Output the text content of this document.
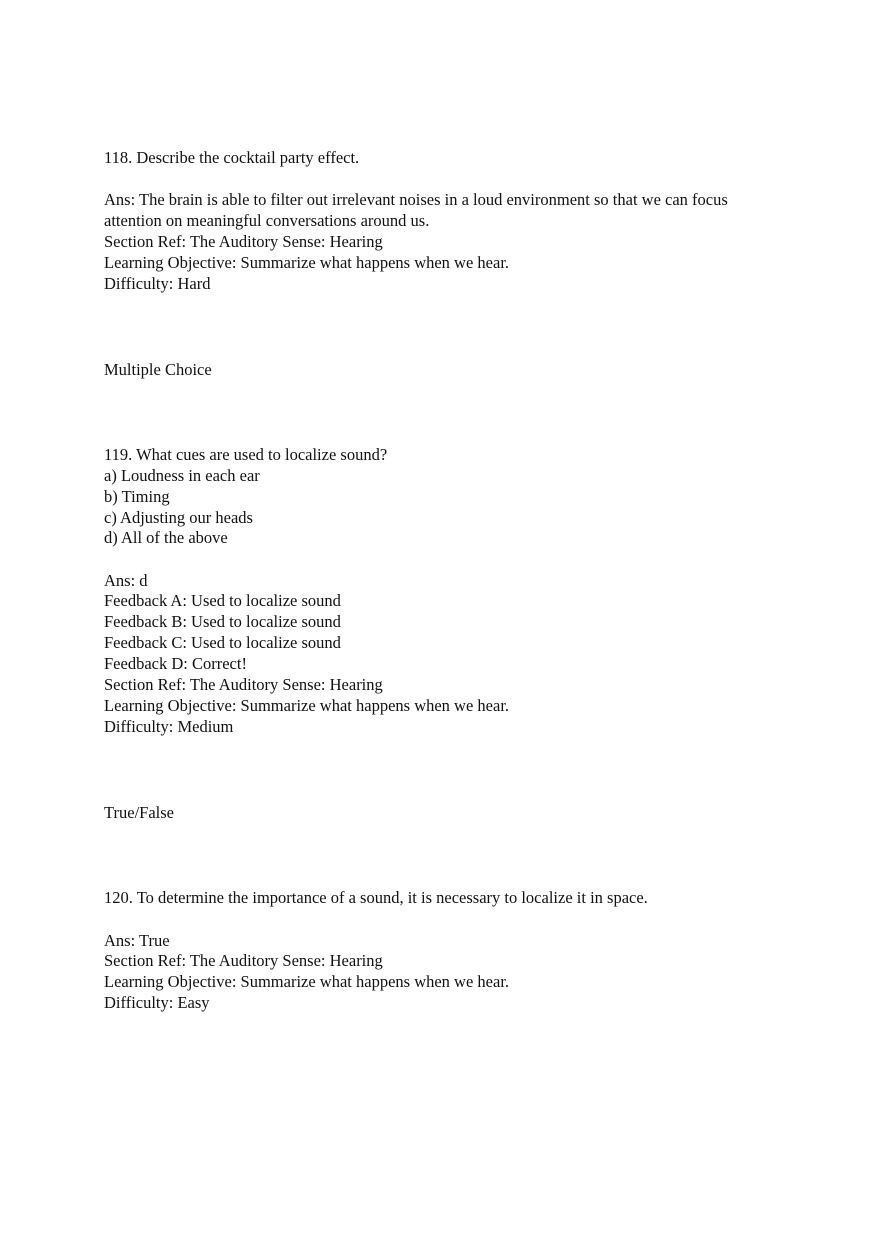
118. Describe the cocktail party effect.
Ans: The brain is able to filter out irrelevant noises in a loud environment so that we can focus
attention on meaningful conversations around us.
Section Ref: The Auditory Sense: Hearing
Learning Objective: Summarize what happens when we hear.
Difficulty: Hard
Multiple Choice
119. What cues are used to localize sound?
a) Loudness in each ear
b) Timing
c) Adjusting our heads
d) All of the above
Ans: d
Feedback A: Used to localize sound
Feedback B: Used to localize sound
Feedback C: Used to localize sound
Feedback D: Correct!
Section Ref: The Auditory Sense: Hearing
Learning Objective: Summarize what happens when we hear.
Difficulty: Medium
True/False
120. To determine the importance of a sound, it is necessary to localize it in space.
Ans: True
Section Ref: The Auditory Sense: Hearing
Learning Objective: Summarize what happens when we hear.
Difficulty: Easy
